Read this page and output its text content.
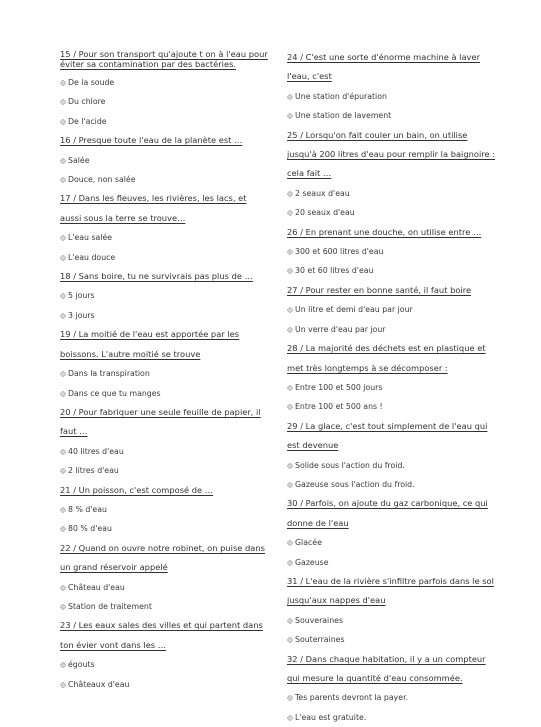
15 / Pour son transport qu'ajoute t on à l'eau pour éviter sa contamination par des bactéries.
De la soude
Du chlore
De l'acide
16 / Presque toute l'eau de la planète est …
Salée
Douce, non salée
17 / Dans les fleuves, les rivières, les lacs, et aussi sous la terre se trouve…
L'eau salée
L'eau douce
18 / Sans boire, tu ne survivrais pas plus de …
5 jours
3 jours
19 / La moitié de l'eau est apportée par les boissons. L'autre moitié se trouve
Dans la transpiration
Dans ce que tu manges
20 / Pour fabriquer une seule feuille de papier, il faut …
40 litres d'eau
2 litres d'eau
21 / Un poisson, c'est composé de …
8 % d'eau
80 % d'eau
22 / Quand on ouvre notre robinet, on puise dans un grand réservoir appelé
Château d'eau
Station de traitement
23 / Les eaux sales des villes et qui partent dans ton évier vont dans les …
égouts
Châteaux d'eau
24 / C'est une sorte d'énorme machine à laver l'eau, c'est
Une station d'épuration
Une station de lavement
25 / Lorsqu'on fait couler un bain, on utilise jusqu'à 200 litres d'eau pour remplir la baignoire : cela fait …
2 seaux d'eau
20 seaux d'eau
26 / En prenant une douche, on utilise entre …
300 et 600 litres d'eau
30 et 60 litres d'eau
27 / Pour rester en bonne santé, il faut boire
Un litre et demi d'eau par jour
Un verre d'eau par jour
28 / La majorité des déchets est en plastique et met très longtemps à se décomposer :
Entre 100 et 500 jours
Entre 100 et 500 ans !
29 / La glace, c'est tout simplement de l'eau qui est devenue
Solide sous l'action du froid.
Gazeuse sous l'action du froid.
30 / Parfois, on ajoute du gaz carbonique, ce qui donne de l'eau
Glacée
Gazeuse
31 / L'eau de la rivière s'infiltre parfois dans le sol jusqu'aux nappes d'eau
Souveraines
Souterraines
32 / Dans chaque habitation, il y a un compteur qui mesure la quantité d'eau consommée.
Tes parents devront la payer.
L'eau est gratuite.
